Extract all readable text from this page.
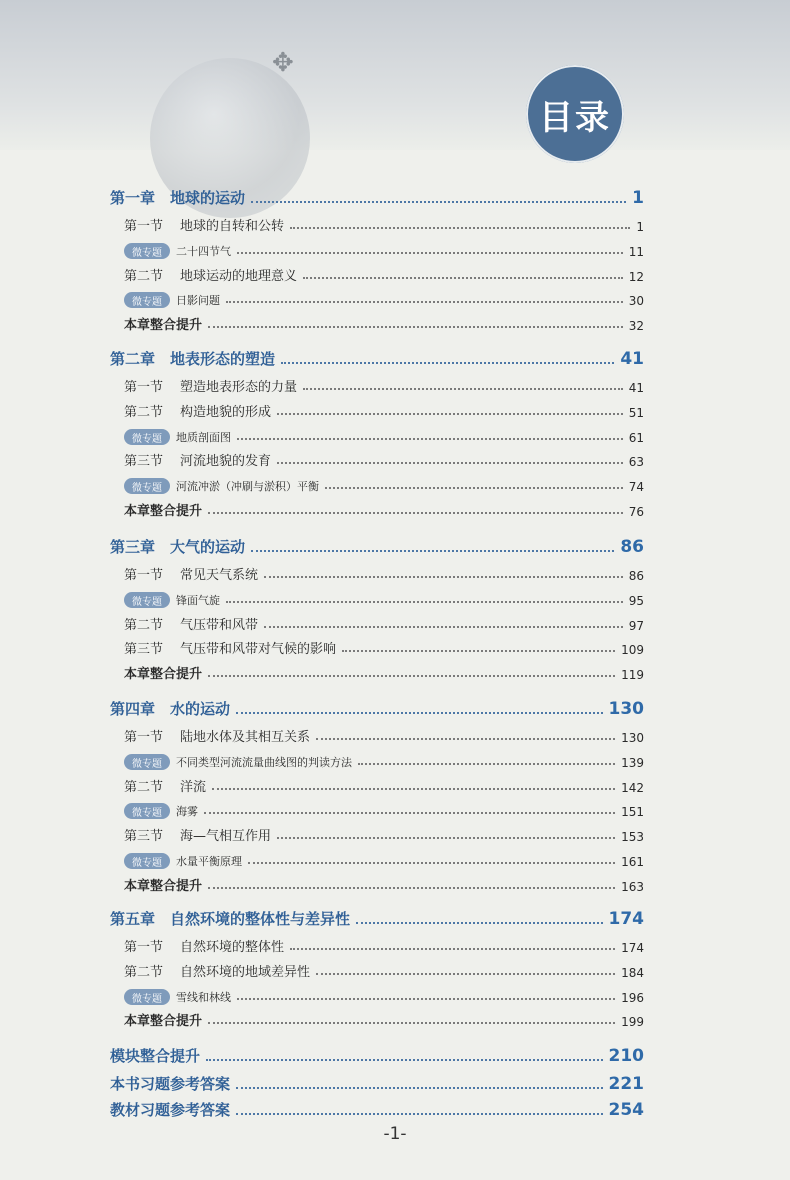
✥
目录
第一章　地球的运动	1
第一节	地球的自转和公转	1
微专题	二十四节气	11
第二节	地球运动的地理意义	12
微专题	日影问题	30
本章整合提升	32
第二章　地表形态的塑造	41
第一节	塑造地表形态的力量	41
第二节	构造地貌的形成	51
微专题	地质剖面图	61
第三节	河流地貌的发育	63
微专题	河流冲淤（冲刷与淤积）平衡	74
本章整合提升	76
第三章　大气的运动	86
第一节	常见天气系统	86
微专题	锋面气旋	95
第二节	气压带和风带	97
第三节	气压带和风带对气候的影响	109
本章整合提升	119
第四章　水的运动	130
第一节	陆地水体及其相互关系	130
微专题	不同类型河流流量曲线图的判读方法	139
第二节	洋流	142
微专题	海雾	151
第三节	海—气相互作用	153
微专题	水量平衡原理	161
本章整合提升	163
第五章　自然环境的整体性与差异性	174
第一节	自然环境的整体性	174
第二节	自然环境的地域差异性	184
微专题	雪线和林线	196
本章整合提升	199
模块整合提升	210
本书习题参考答案	221
教材习题参考答案	254
-1-
